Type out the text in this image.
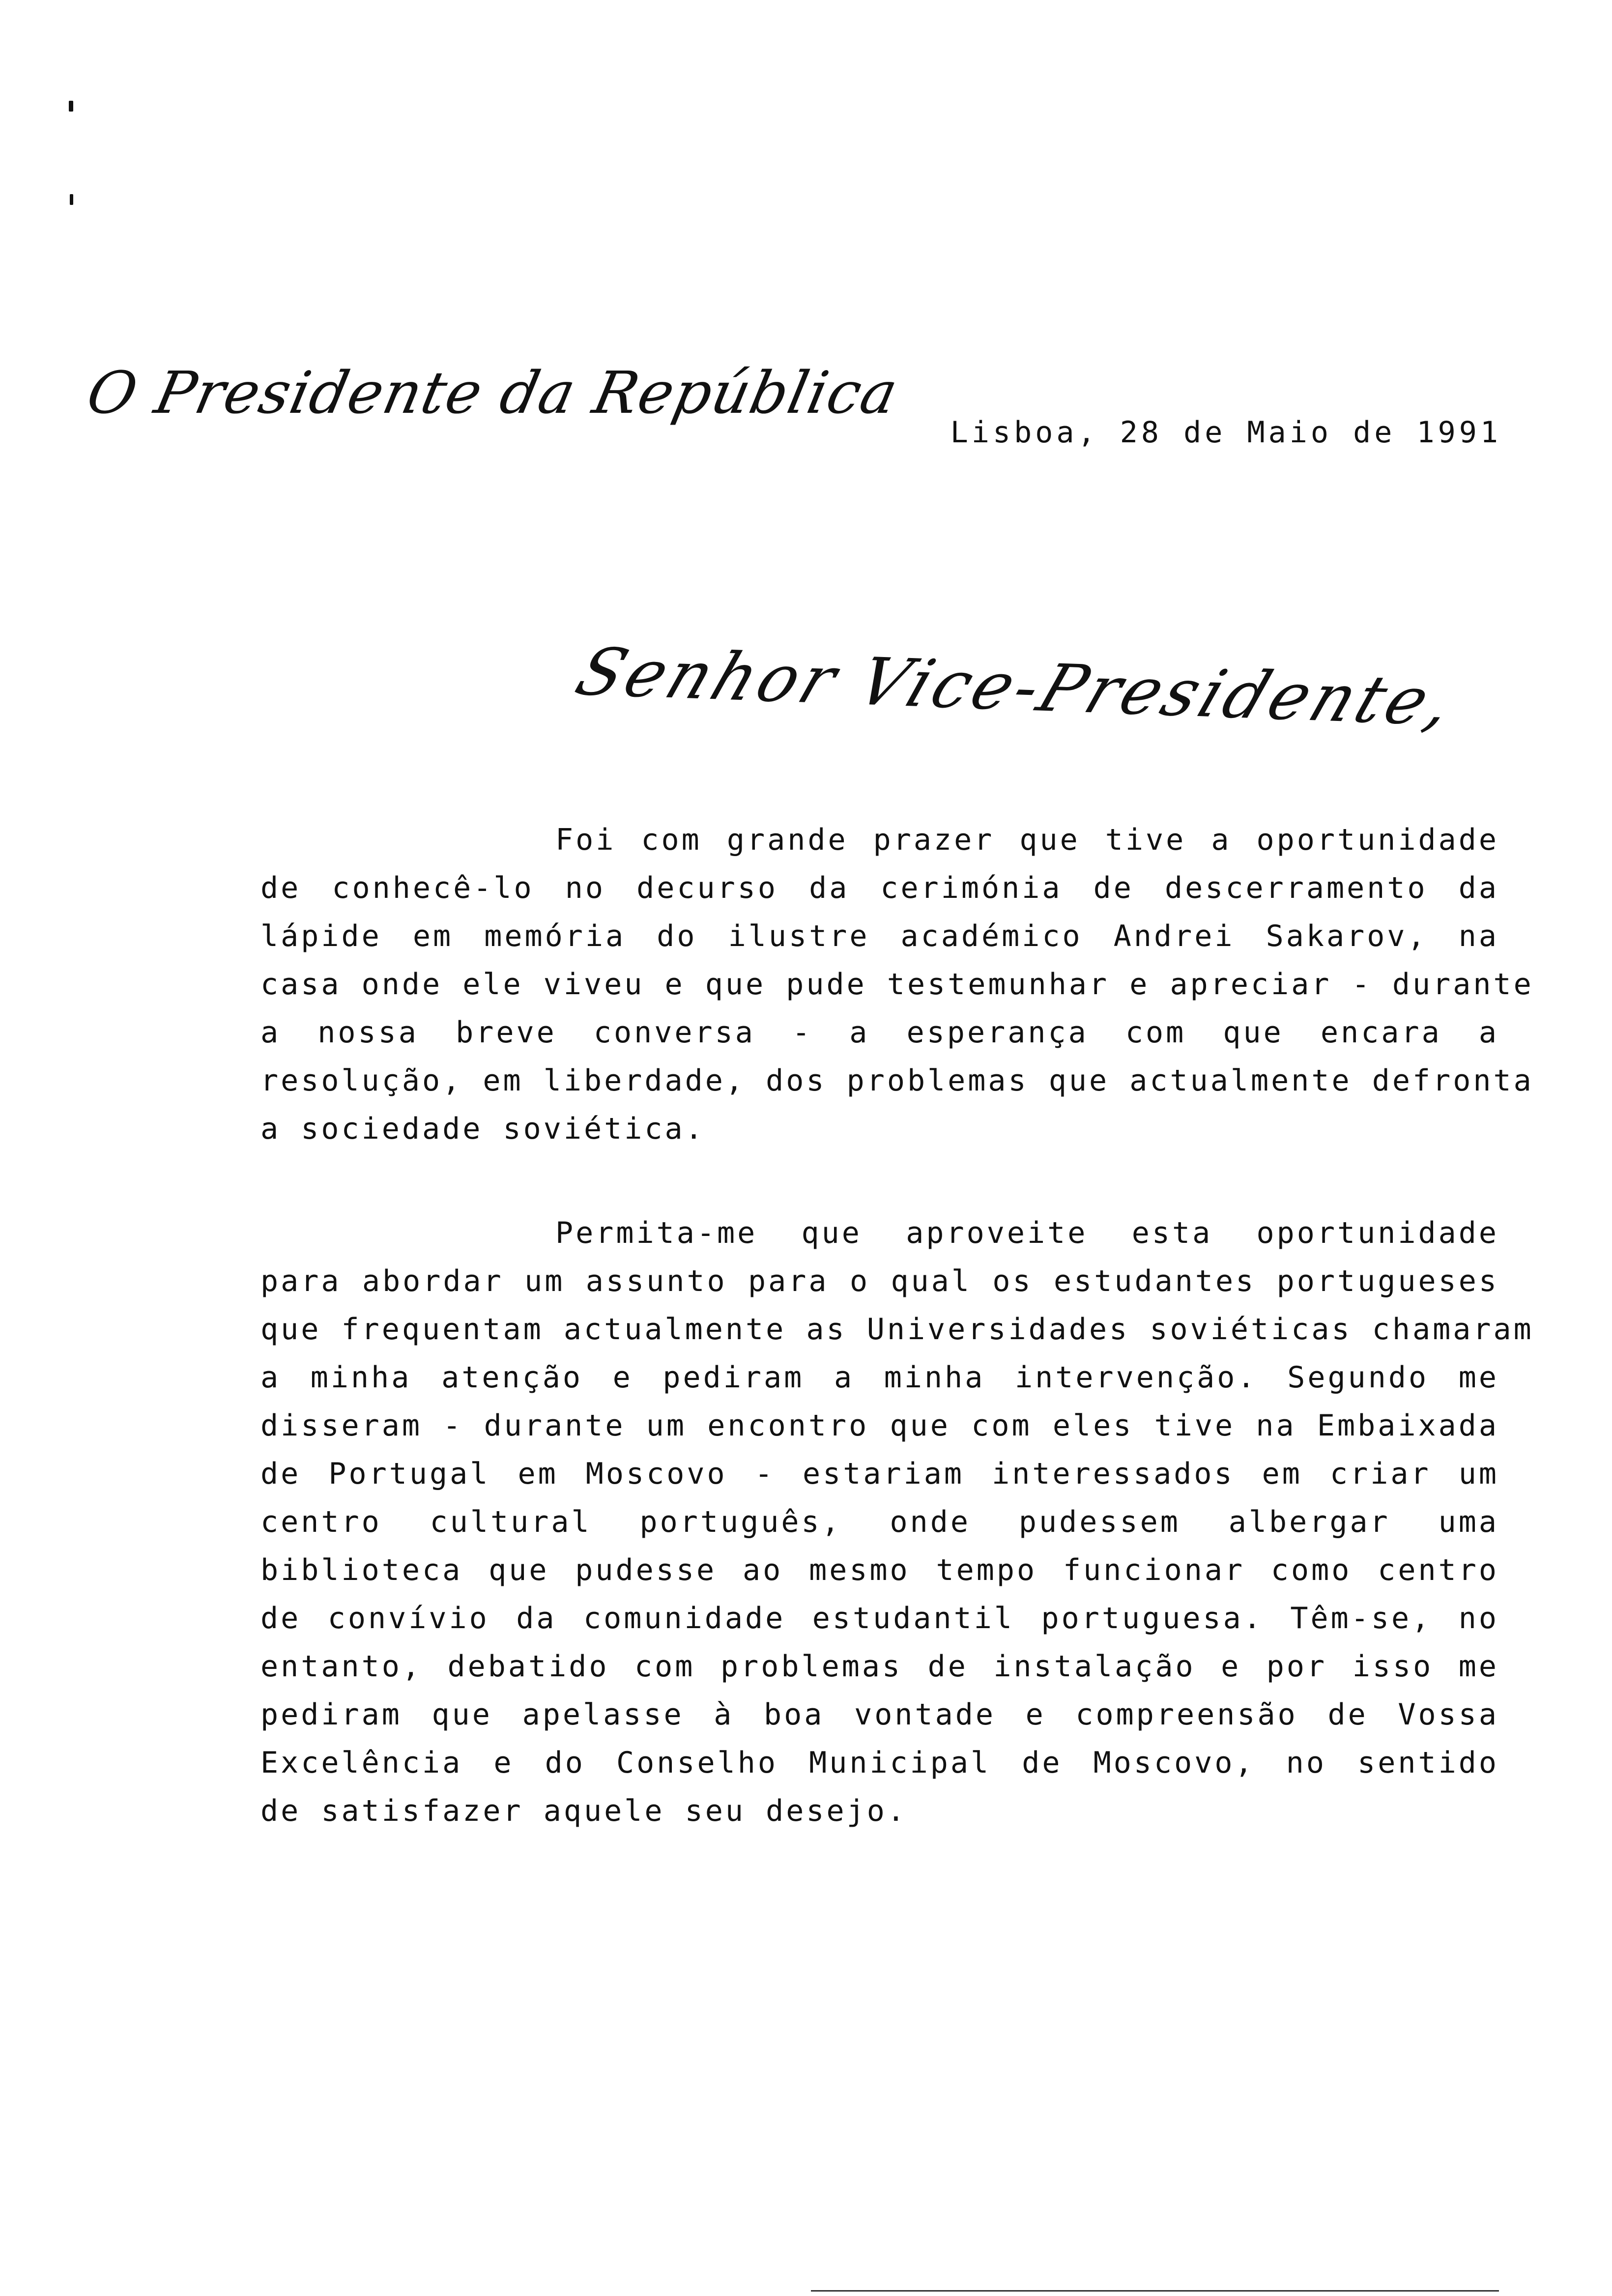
O Presidente da República
Lisboa, 28 de Maio de 1991
Senhor Vice-Presidente,
Foi com grande prazer que tive a oportunidade
de conhecê-lo no decurso da cerimónia de descerramento da
lápide em memória do ilustre académico Andrei Sakarov, na
casa onde ele viveu e que pude testemunhar e apreciar - durante
a nossa breve conversa - a esperança com que encara a
resolução, em liberdade, dos problemas que actualmente defronta
a sociedade soviética.
Permita-me que aproveite esta oportunidade
para abordar um assunto para o qual os estudantes portugueses
que frequentam actualmente as Universidades soviéticas chamaram
a minha atenção e pediram a minha intervenção. Segundo me
disseram - durante um encontro que com eles tive na Embaixada
de Portugal em Moscovo - estariam interessados em criar um
centro cultural português, onde pudessem albergar uma
biblioteca que pudesse ao mesmo tempo funcionar como centro
de convívio da comunidade estudantil portuguesa. Têm-se, no
entanto, debatido com problemas de instalação e por isso me
pediram que apelasse à boa vontade e compreensão de Vossa
Excelência e do Conselho Municipal de Moscovo, no sentido
de satisfazer aquele seu desejo.
